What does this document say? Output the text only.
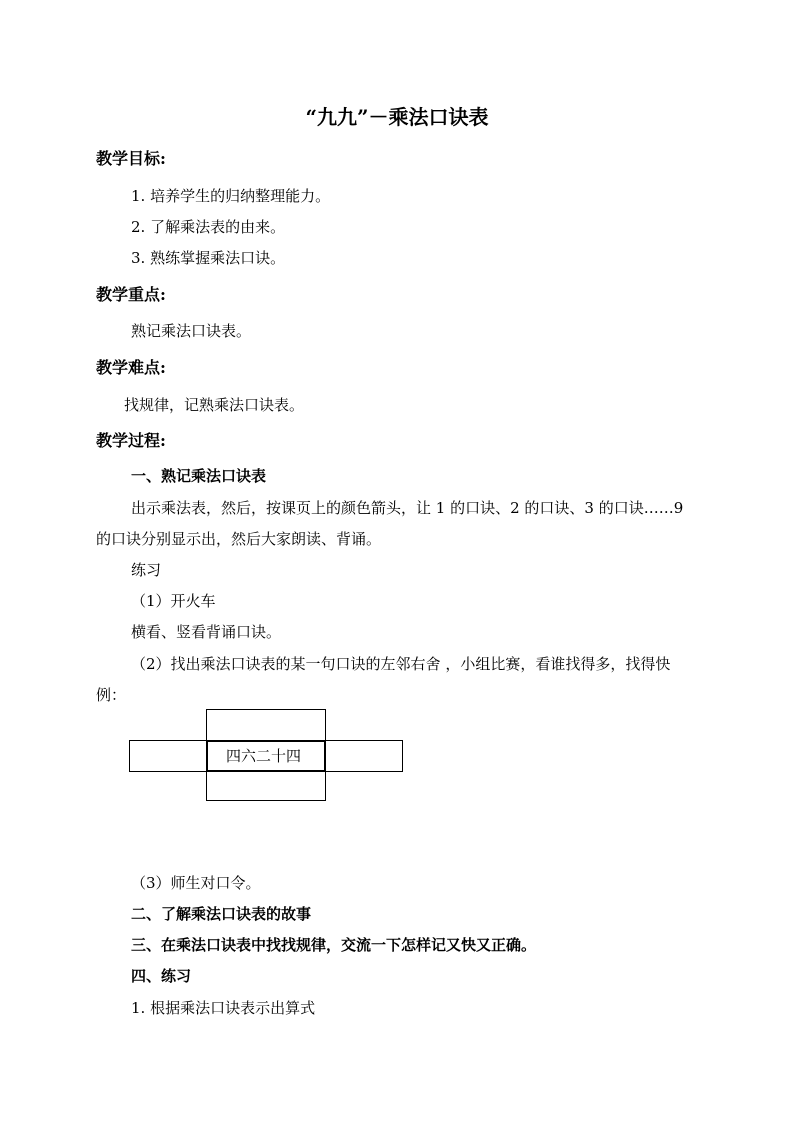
“九九”－乘法口诀表
教学目标:
1. 培养学生的归纳整理能力。
2. 了解乘法表的由来。
3. 熟练掌握乘法口诀。
教学重点:
熟记乘法口诀表。
教学难点:
找规律，记熟乘法口诀表。
教学过程:
一、熟记乘法口诀表
出示乘法表，然后，按课页上的颜色箭头，让 1 的口诀、2 的口诀、3 的口诀……9
的口诀分别显示出，然后大家朗读、背诵。
练习
（1）开火车
横看、竖看背诵口诀。
（2）找出乘法口诀表的某一句口诀的左邻右舍 ，小组比赛，看谁找得多，找得快
例：
四六二十四
（3）师生对口令。
二、了解乘法口诀表的故事
三、在乘法口诀表中找找规律，交流一下怎样记又快又正确。
四、练习
1. 根据乘法口诀表示出算式
